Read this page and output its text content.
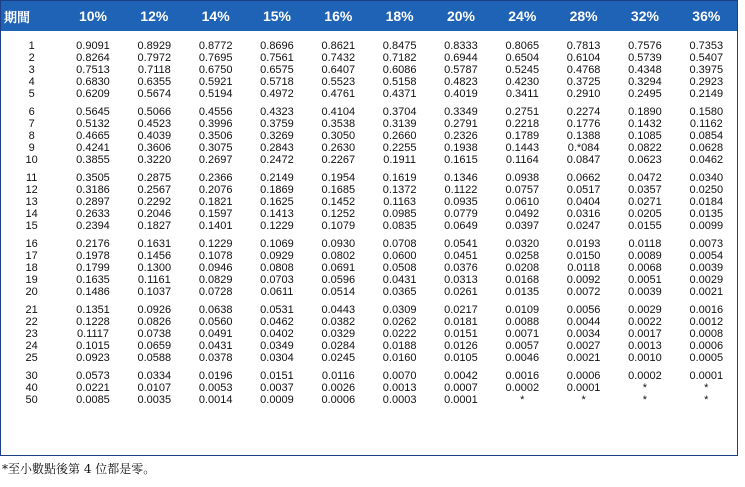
期間	10%	12%	14%	15%	16%	18%	20%	24%	28%	32%	36%
1	0.9091	0.8929	0.8772	0.8696	0.8621	0.8475	0.8333	0.8065	0.7813	0.7576	0.7353
2	0.8264	0.7972	0.7695	0.7561	0.7432	0.7182	0.6944	0.6504	0.6104	0.5739	0.5407
3	0.7513	0.7118	0.6750	0.6575	0.6407	0.6086	0.5787	0.5245	0.4768	0.4348	0.3975
4	0.6830	0.6355	0.5921	0.5718	0.5523	0.5158	0.4823	0.4230	0.3725	0.3294	0.2923
5	0.6209	0.5674	0.5194	0.4972	0.4761	0.4371	0.4019	0.3411	0.2910	0.2495	0.2149
6	0.5645	0.5066	0.4556	0.4323	0.4104	0.3704	0.3349	0.2751	0.2274	0.1890	0.1580
7	0.5132	0.4523	0.3996	0.3759	0.3538	0.3139	0.2791	0.2218	0.1776	0.1432	0.1162
8	0.4665	0.4039	0.3506	0.3269	0.3050	0.2660	0.2326	0.1789	0.1388	0.1085	0.0854
9	0.4241	0.3606	0.3075	0.2843	0.2630	0.2255	0.1938	0.1443	0.*084	0.0822	0.0628
10	0.3855	0.3220	0.2697	0.2472	0.2267	0.1911	0.1615	0.1164	0.0847	0.0623	0.0462
11	0.3505	0.2875	0.2366	0.2149	0.1954	0.1619	0.1346	0.0938	0.0662	0.0472	0.0340
12	0.3186	0.2567	0.2076	0.1869	0.1685	0.1372	0.1122	0.0757	0.0517	0.0357	0.0250
13	0.2897	0.2292	0.1821	0.1625	0.1452	0.1163	0.0935	0.0610	0.0404	0.0271	0.0184
14	0.2633	0.2046	0.1597	0.1413	0.1252	0.0985	0.0779	0.0492	0.0316	0.0205	0.0135
15	0.2394	0.1827	0.1401	0.1229	0.1079	0.0835	0.0649	0.0397	0.0247	0.0155	0.0099
16	0.2176	0.1631	0.1229	0.1069	0.0930	0.0708	0.0541	0.0320	0.0193	0.0118	0.0073
17	0.1978	0.1456	0.1078	0.0929	0.0802	0.0600	0.0451	0.0258	0.0150	0.0089	0.0054
18	0.1799	0.1300	0.0946	0.0808	0.0691	0.0508	0.0376	0.0208	0.0118	0.0068	0.0039
19	0.1635	0.1161	0.0829	0.0703	0.0596	0.0431	0.0313	0.0168	0.0092	0.0051	0.0029
20	0.1486	0.1037	0.0728	0.0611	0.0514	0.0365	0.0261	0.0135	0.0072	0.0039	0.0021
21	0.1351	0.0926	0.0638	0.0531	0.0443	0.0309	0.0217	0.0109	0.0056	0.0029	0.0016
22	0.1228	0.0826	0.0560	0.0462	0.0382	0.0262	0.0181	0.0088	0.0044	0.0022	0.0012
23	0.1117	0.0738	0.0491	0.0402	0.0329	0.0222	0.0151	0.0071	0.0034	0.0017	0.0008
24	0.1015	0.0659	0.0431	0.0349	0.0284	0.0188	0.0126	0.0057	0.0027	0.0013	0.0006
25	0.0923	0.0588	0.0378	0.0304	0.0245	0.0160	0.0105	0.0046	0.0021	0.0010	0.0005
30	0.0573	0.0334	0.0196	0.0151	0.0116	0.0070	0.0042	0.0016	0.0006	0.0002	0.0001
40	0.0221	0.0107	0.0053	0.0037	0.0026	0.0013	0.0007	0.0002	0.0001	*	*
50	0.0085	0.0035	0.0014	0.0009	0.0006	0.0003	0.0001	*	*	*	*
*至小數點後第 4 位都是零。
